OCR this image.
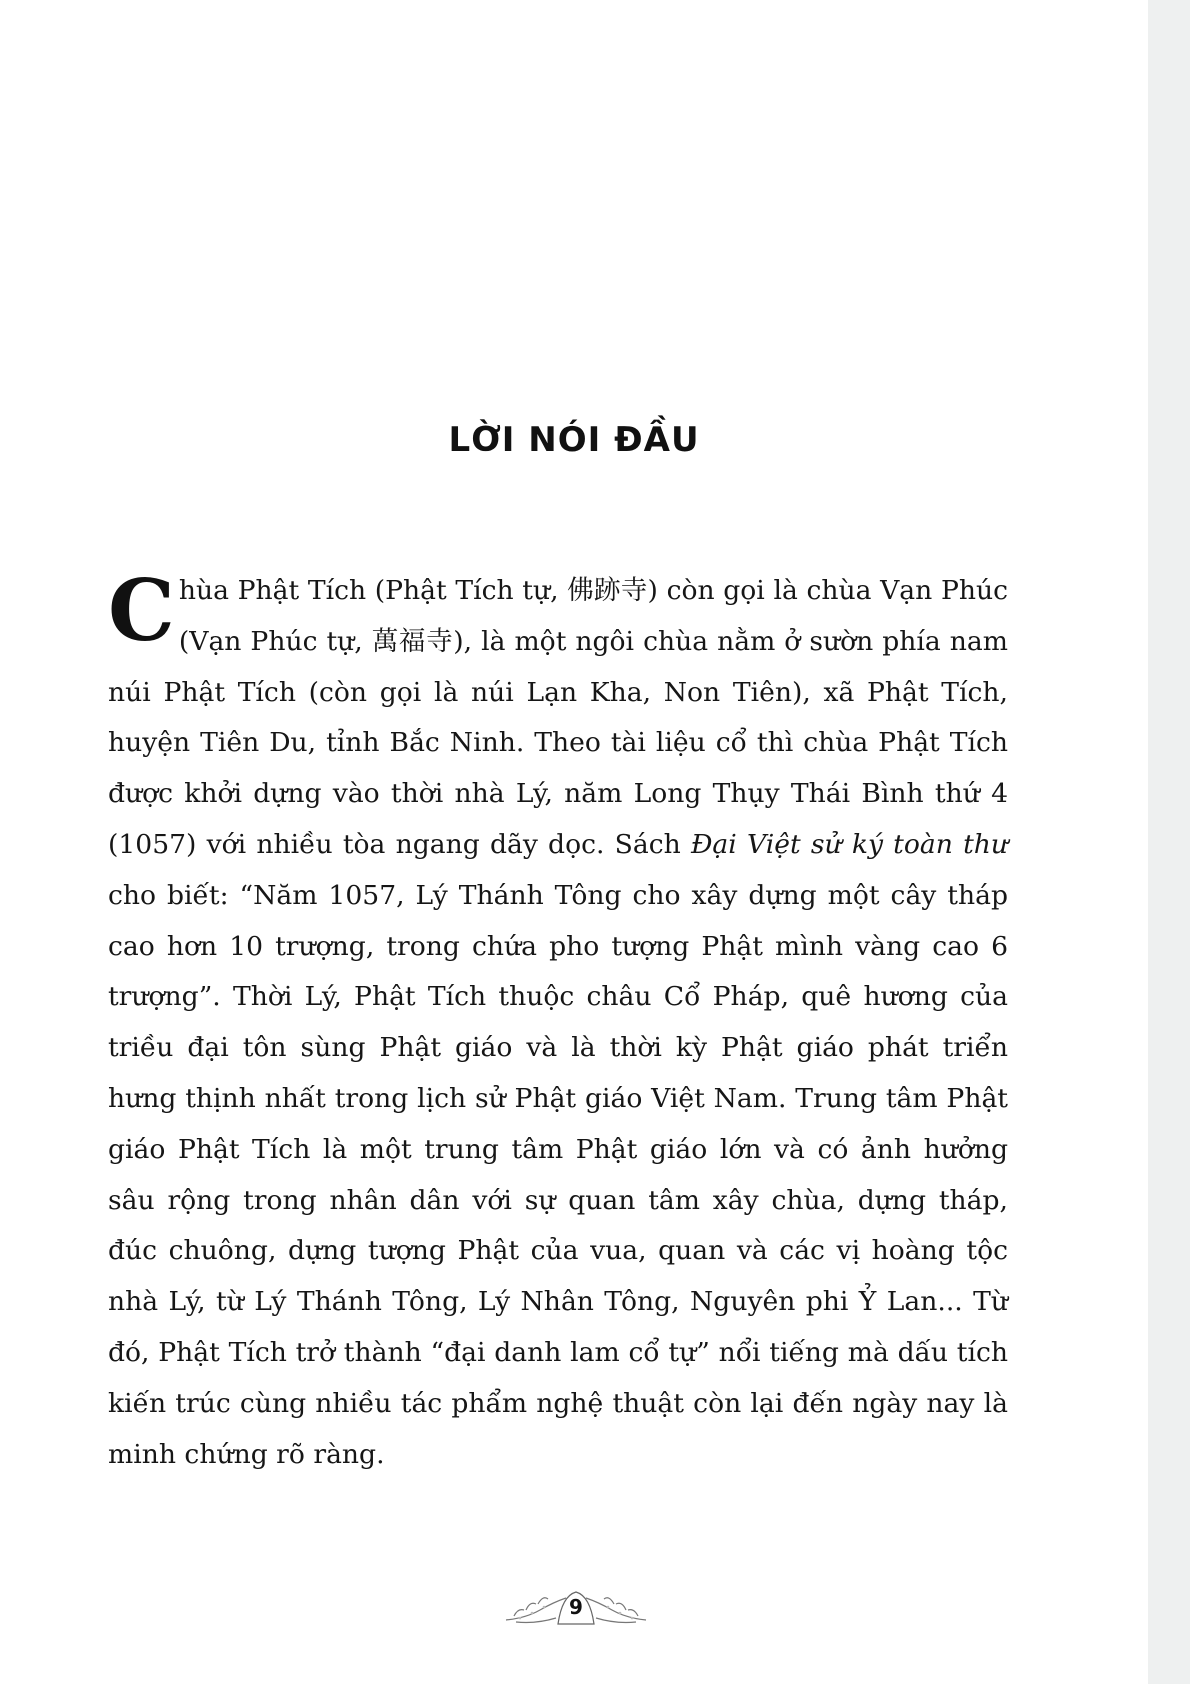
LỜI NÓI ĐẦU

Chùa Phật Tích (Phật Tích tự, 佛跡寺) còn gọi là chùa Vạn Phúc (Vạn Phúc tự, 萬福寺), là một ngôi chùa nằm ở sườn phía nam núi Phật Tích (còn gọi là núi Lạn Kha, Non Tiên), xã Phật Tích, huyện Tiên Du, tỉnh Bắc Ninh. Theo tài liệu cổ thì chùa Phật Tích được khởi dựng vào thời nhà Lý, năm Long Thụy Thái Bình thứ 4 (1057) với nhiều tòa ngang dãy dọc. Sách Đại Việt sử ký toàn thư cho biết: “Năm 1057, Lý Thánh Tông cho xây dựng một cây tháp cao hơn 10 trượng, trong chứa pho tượng Phật mình vàng cao 6 trượng”. Thời Lý, Phật Tích thuộc châu Cổ Pháp, quê hương của triều đại tôn sùng Phật giáo và là thời kỳ Phật giáo phát triển hưng thịnh nhất trong lịch sử Phật giáo Việt Nam. Trung tâm Phật giáo Phật Tích là một trung tâm Phật giáo lớn và có ảnh hưởng sâu rộng trong nhân dân với sự quan tâm xây chùa, dựng tháp, đúc chuông, dựng tượng Phật của vua, quan và các vị hoàng tộc nhà Lý, từ Lý Thánh Tông, Lý Nhân Tông, Nguyên phi Ỷ Lan... Từ đó, Phật Tích trở thành “đại danh lam cổ tự” nổi tiếng mà dấu tích kiến trúc cùng nhiều tác phẩm nghệ thuật còn lại đến ngày nay là minh chứng rõ ràng.

9
